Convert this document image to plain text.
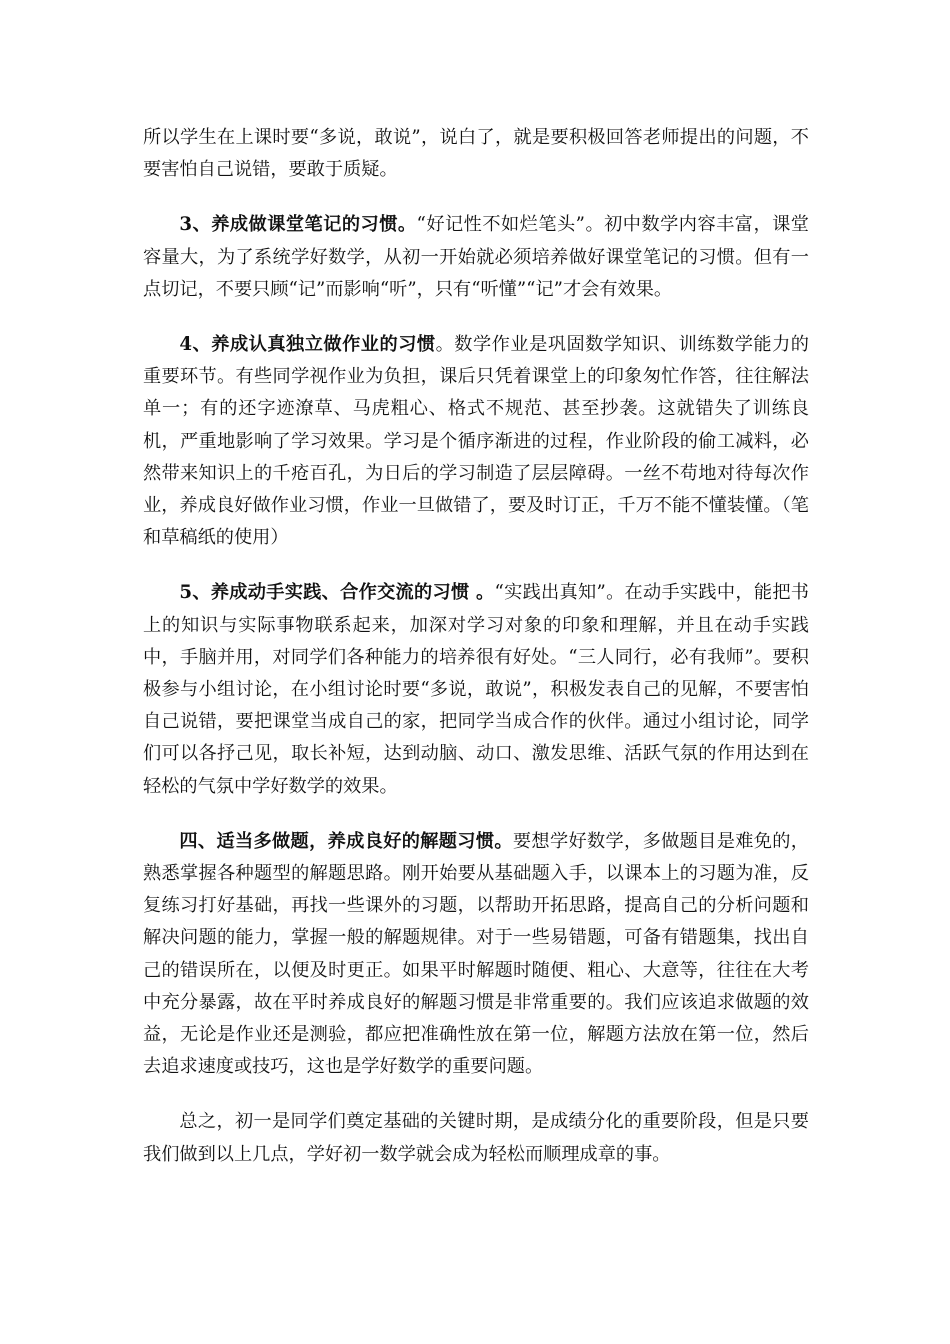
所以学生在上课时要“多说，敢说”，说白了，就是要积极回答老师提出的问题，不要害怕自己说错，要敢于质疑。

3、养成做课堂笔记的习惯。“好记性不如烂笔头”。初中数学内容丰富，课堂容量大，为了系统学好数学，从初一开始就必须培养做好课堂笔记的习惯。但有一点切记，不要只顾“记”而影响“听”，只有“听懂”“记”才会有效果。

4、养成认真独立做作业的习惯。数学作业是巩固数学知识、训练数学能力的重要环节。有些同学视作业为负担，课后只凭着课堂上的印象匆忙作答，往往解法单一；有的还字迹潦草、马虎粗心、格式不规范、甚至抄袭。这就错失了训练良机，严重地影响了学习效果。学习是个循序渐进的过程，作业阶段的偷工减料，必然带来知识上的千疮百孔，为日后的学习制造了层层障碍。一丝不苟地对待每次作业，养成良好做作业习惯，作业一旦做错了，要及时订正，千万不能不懂装懂。（笔和草稿纸的使用）

5、养成动手实践、合作交流的习惯 。“实践出真知”。在动手实践中，能把书上的知识与实际事物联系起来，加深对学习对象的印象和理解，并且在动手实践中，手脑并用，对同学们各种能力的培养很有好处。“三人同行，必有我师”。要积极参与小组讨论，在小组讨论时要“多说，敢说”，积极发表自己的见解，不要害怕自己说错，要把课堂当成自己的家，把同学当成合作的伙伴。通过小组讨论，同学们可以各抒己见，取长补短，达到动脑、动口、激发思维、活跃气氛的作用达到在轻松的气氛中学好数学的效果。

四、适当多做题，养成良好的解题习惯。要想学好数学，多做题目是难免的，熟悉掌握各种题型的解题思路。刚开始要从基础题入手，以课本上的习题为准，反复练习打好基础，再找一些课外的习题，以帮助开拓思路，提高自己的分析问题和解决问题的能力，掌握一般的解题规律。对于一些易错题，可备有错题集，找出自己的错误所在，以便及时更正。如果平时解题时随便、粗心、大意等，往往在大考中充分暴露，故在平时养成良好的解题习惯是非常重要的。我们应该追求做题的效益，无论是作业还是测验，都应把准确性放在第一位，解题方法放在第一位，然后去追求速度或技巧，这也是学好数学的重要问题。

总之，初一是同学们奠定基础的关键时期，是成绩分化的重要阶段，但是只要我们做到以上几点，学好初一数学就会成为轻松而顺理成章的事。
